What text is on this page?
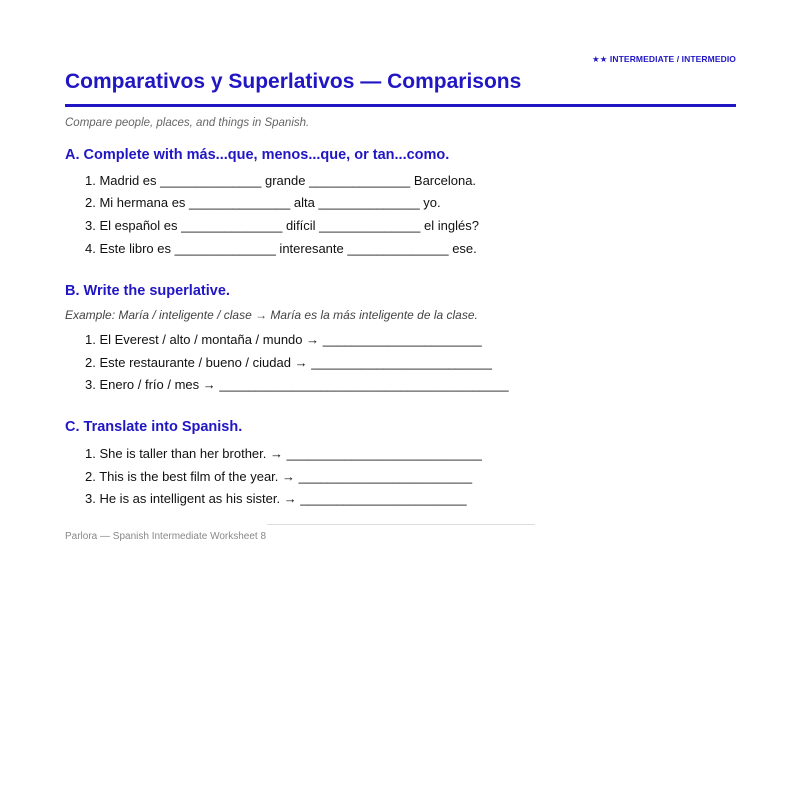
★★ INTERMEDIATE / INTERMEDIO
Comparativos y Superlativos — Comparisons
Compare people, places, and things in Spanish.
A. Complete with más...que, menos...que, or tan...como.
1. Madrid es ______________ grande ______________ Barcelona.
2. Mi hermana es ______________ alta ______________ yo.
3. El español es ______________ difícil ______________ el inglés?
4. Este libro es ______________ interesante ______________ ese.
B. Write the superlative.
Example: María / inteligente / clase → María es la más inteligente de la clase.
1. El Everest / alto / montaña / mundo → ______________________
2. Este restaurante / bueno / ciudad → _________________________
3. Enero / frío / mes → ________________________________________
C. Translate into Spanish.
1. She is taller than her brother. → ___________________________
2. This is the best film of the year. → ________________________
3. He is as intelligent as his sister. → _______________________
Parlora — Spanish Intermediate Worksheet 8
